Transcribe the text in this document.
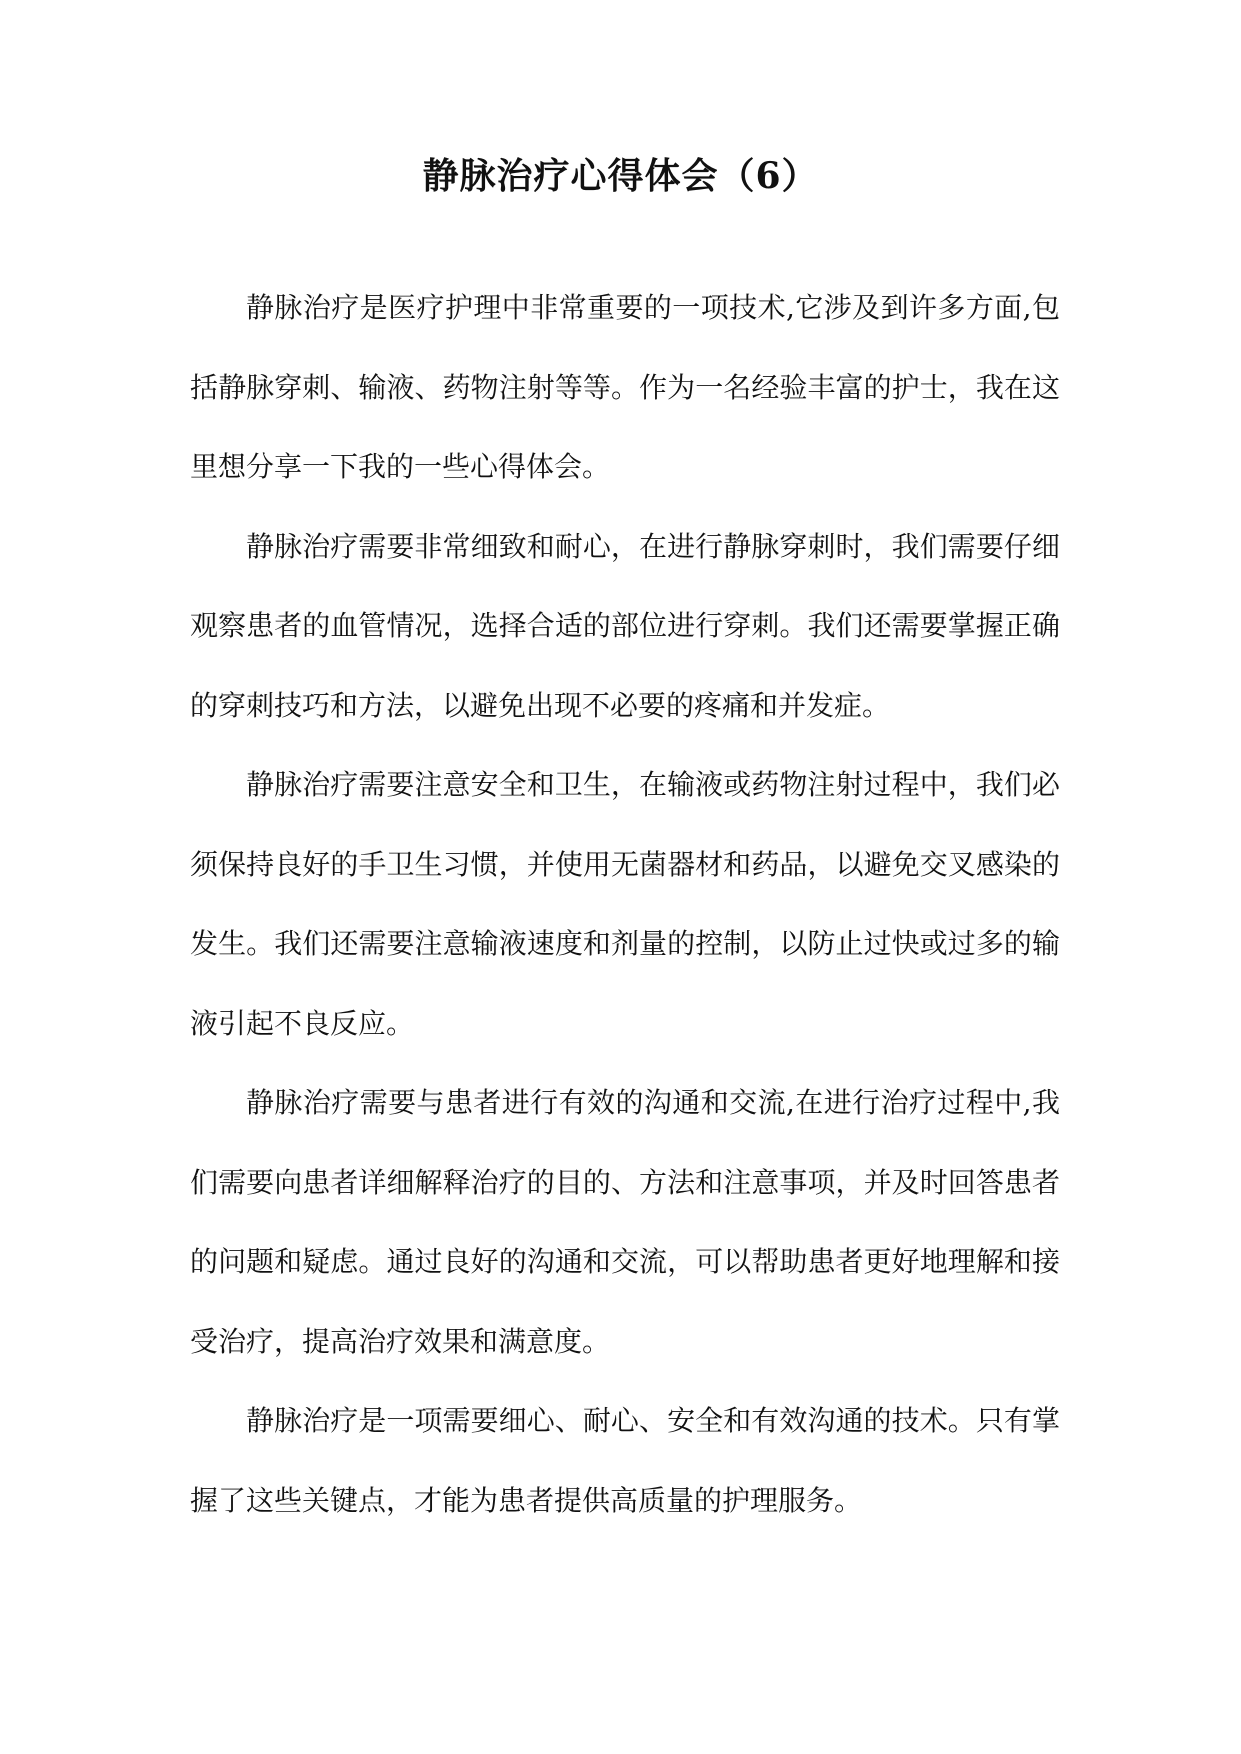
静脉治疗心得体会（6）

静脉治疗是医疗护理中非常重要的一项技术,它涉及到许多方面,包括静脉穿刺、输液、药物注射等等。作为一名经验丰富的护士，我在这里想分享一下我的一些心得体会。

静脉治疗需要非常细致和耐心，在进行静脉穿刺时，我们需要仔细观察患者的血管情况，选择合适的部位进行穿刺。我们还需要掌握正确的穿刺技巧和方法，以避免出现不必要的疼痛和并发症。

静脉治疗需要注意安全和卫生，在输液或药物注射过程中，我们必须保持良好的手卫生习惯，并使用无菌器材和药品，以避免交叉感染的发生。我们还需要注意输液速度和剂量的控制，以防止过快或过多的输液引起不良反应。

静脉治疗需要与患者进行有效的沟通和交流,在进行治疗过程中,我们需要向患者详细解释治疗的目的、方法和注意事项，并及时回答患者的问题和疑虑。通过良好的沟通和交流，可以帮助患者更好地理解和接受治疗，提高治疗效果和满意度。

静脉治疗是一项需要细心、耐心、安全和有效沟通的技术。只有掌握了这些关键点，才能为患者提供高质量的护理服务。
